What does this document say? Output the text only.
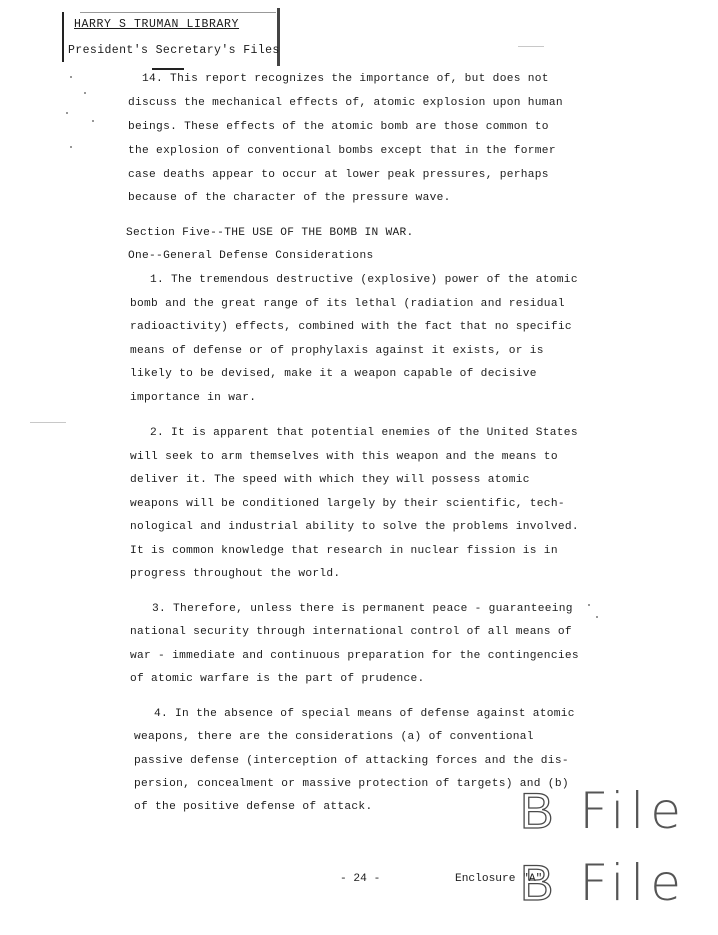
HARRY S TRUMAN LIBRARY
President's Secretary's Files
14. This report recognizes the importance of, but does not
discuss the mechanical effects of, atomic explosion upon human
beings. These effects of the atomic bomb are those common to
the explosion of conventional bombs except that in the former
case deaths appear to occur at lower peak pressures, perhaps
because of the character of the pressure wave.
Section Five--THE USE OF THE BOMB IN WAR.
One--General Defense Considerations
1. The tremendous destructive (explosive) power of the atomic
bomb and the great range of its lethal (radiation and residual
radioactivity) effects, combined with the fact that no specific
means of defense or of prophylaxis against it exists, or is
likely to be devised, make it a weapon capable of decisive
importance in war.
2. It is apparent that potential enemies of the United States
will seek to arm themselves with this weapon and the means to
deliver it. The speed with which they will possess atomic
weapons will be conditioned largely by their scientific, tech-
nological and industrial ability to solve the problems involved.
It is common knowledge that research in nuclear fission is in
progress throughout the world.
3. Therefore, unless there is permanent peace - guaranteeing
national security through international control of all means of
war - immediate and continuous preparation for the contingencies
of atomic warfare is the part of prudence.
4. In the absence of special means of defense against atomic
weapons, there are the considerations (a) of conventional
passive defense (interception of attacking forces and the dis-
persion, concealment or massive protection of targets) and (b)
of the positive defense of attack.
- 24 -	Enclosure "A"
B File
B File
